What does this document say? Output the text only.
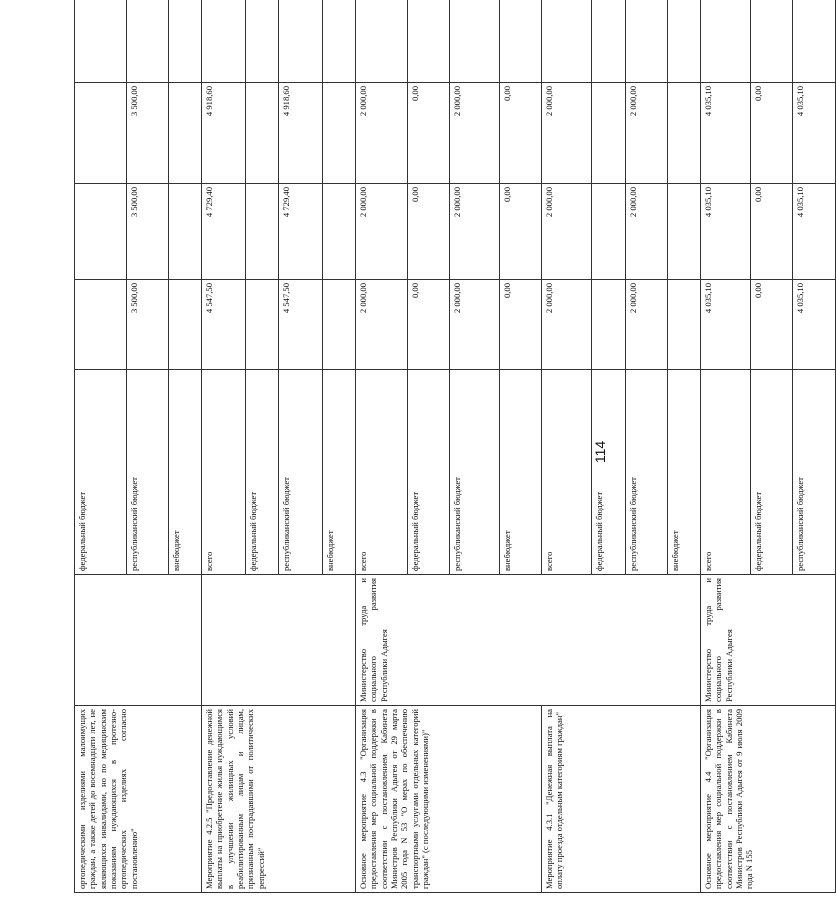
114
ортопедическими изделиями малоимущих граждан, а также детей до восемнадцати лет, не являющихся инвалидами, но по медицинским показаниям нуждающихся в протезно-ортопедических изделиях согласно постановлению"		федеральный бюджет				
		республиканский бюджет	3 500,00	3 500,00	3 500,00	
		внебюджет				
Мероприятие 4.2.5 "Предоставление денежной выплаты на приобретение жилья нуждающимся в улучшении жилищных условий реабилитированным лицам и лицам, признанным пострадавшими от политических репрессий"		всего	4 547,50	4 729,40	4 918,60	
		федеральный бюджет				
		республиканский бюджет	4 547,50	4 729,40	4 918,60	
		внебюджет				
Основное мероприятие 4.3 "Организация предоставления мер социальной поддержки в соответствии с постановлением Кабинета Министров Республики Адыгея от 29 марта 2005 года N 53 "О мерах по обеспечению транспортными услугами отдельных категорий граждан" (с последующими изменениями)"	Министерство труда и социального развития Республики Адыгея	всего	2 000,00	2 000,00	2 000,00	
		федеральный бюджет	0,00	0,00	0,00	
		республиканский бюджет	2 000,00	2 000,00	2 000,00	
		внебюджет	0,00	0,00	0,00	
Мероприятие 4.3.1 "Денежная выплата на оплату проезда отдельным категориям граждан"		всего	2 000,00	2 000,00	2 000,00	
		федеральный бюджет				
		республиканский бюджет	2 000,00	2 000,00	2 000,00	
		внебюджет				
Основное мероприятие 4.4 "Организация предоставления мер социальной поддержки в соответствии с постановлением Кабинета Министров Республики Адыгея от 9 июля 2009 года N 155	Министерство труда и социального развития Республики Адыгея	всего	4 035,10	4 035,10	4 035,10	
		федеральный бюджет	0,00	0,00	0,00	
		республиканский бюджет	4 035,10	4 035,10	4 035,10	
